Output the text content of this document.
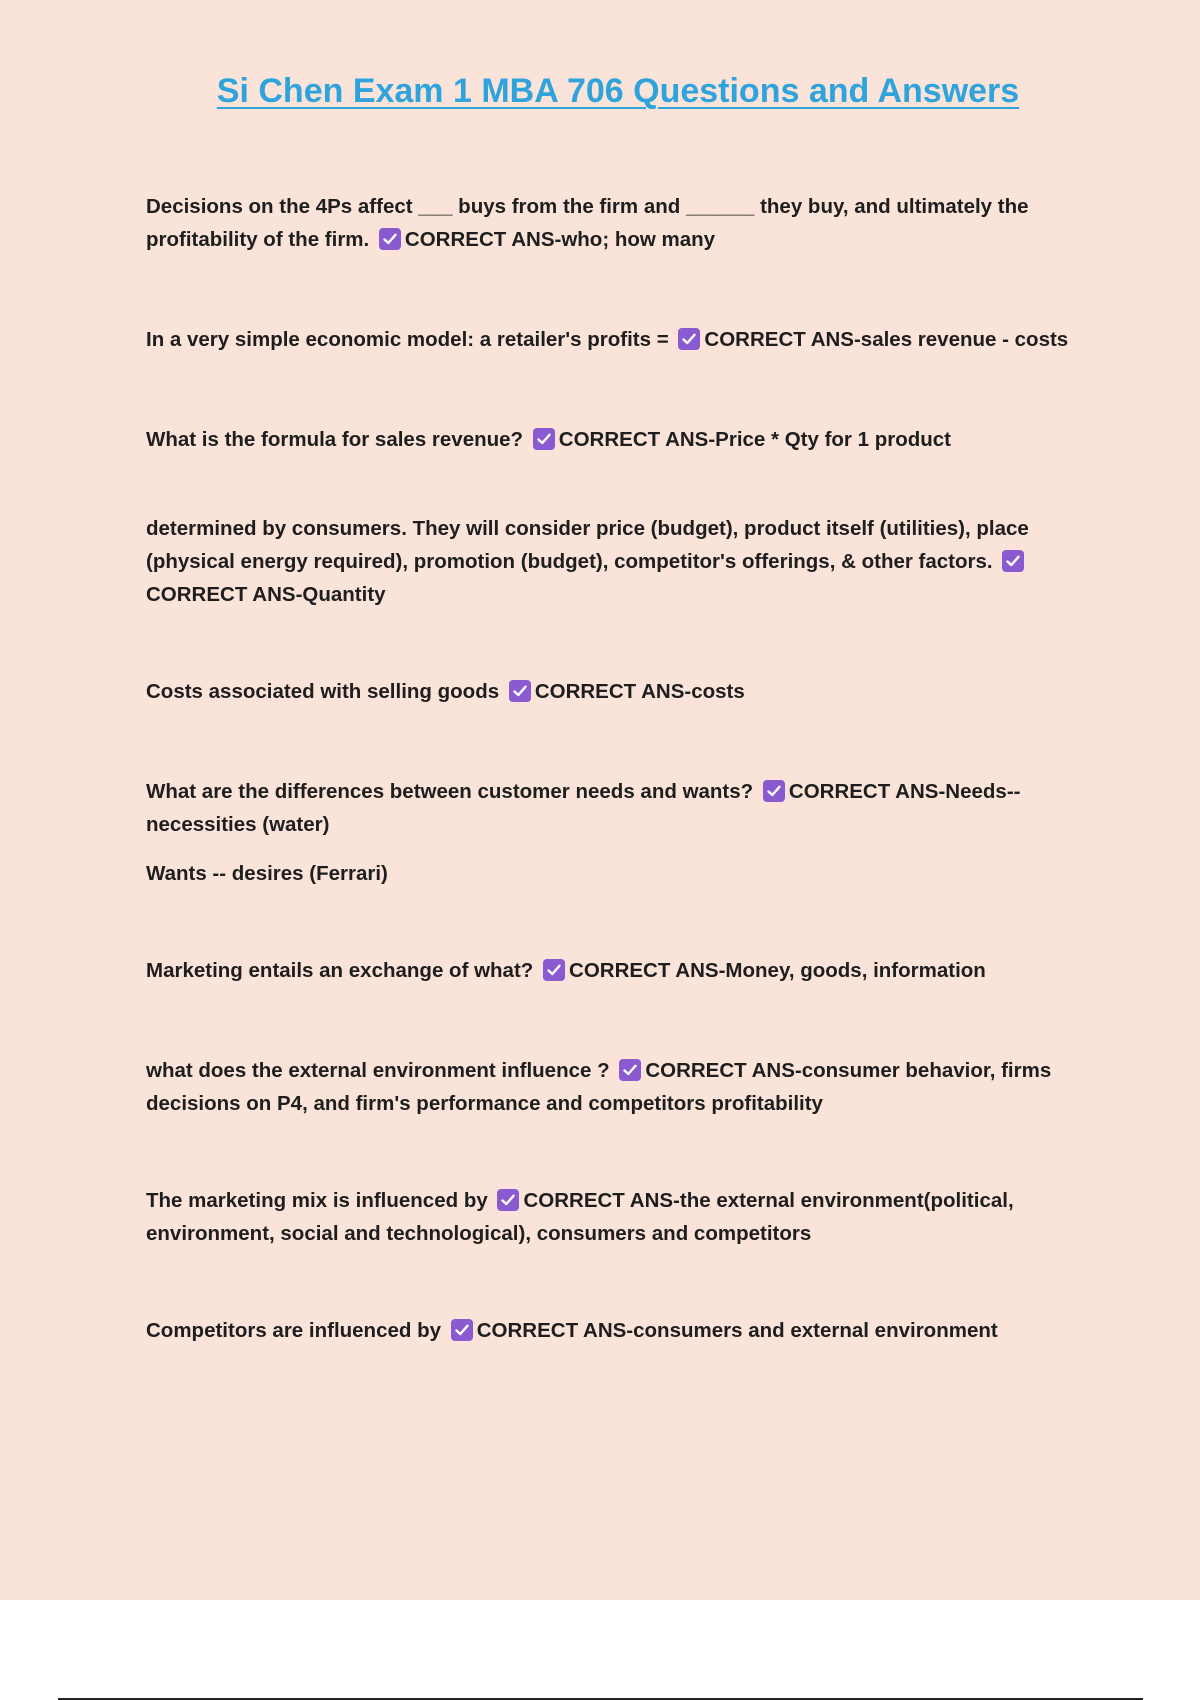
Si Chen Exam 1 MBA 706 Questions and Answers

Decisions on the 4Ps affect ___ buys from the firm and ______ they buy, and ultimately the profitability of the firm. CORRECT ANS-who; how many

In a very simple economic model: a retailer's profits = CORRECT ANS-sales revenue - costs

What is the formula for sales revenue? CORRECT ANS-Price * Qty for 1 product

determined by consumers. They will consider price (budget), product itself (utilities), place (physical energy required), promotion (budget), competitor's offerings, & other factors.
CORRECT ANS-Quantity

Costs associated with selling goods CORRECT ANS-costs

What are the differences between customer needs and wants? CORRECT ANS-Needs--necessities (water)

Wants -- desires (Ferrari)

Marketing entails an exchange of what? CORRECT ANS-Money, goods, information

what does the external environment influence ? CORRECT ANS-consumer behavior, firms decisions on P4, and firm's performance and competitors profitability

The marketing mix is influenced by CORRECT ANS-the external environment(political, environment, social and technological), consumers and competitors

Competitors are influenced by CORRECT ANS-consumers and external environment
